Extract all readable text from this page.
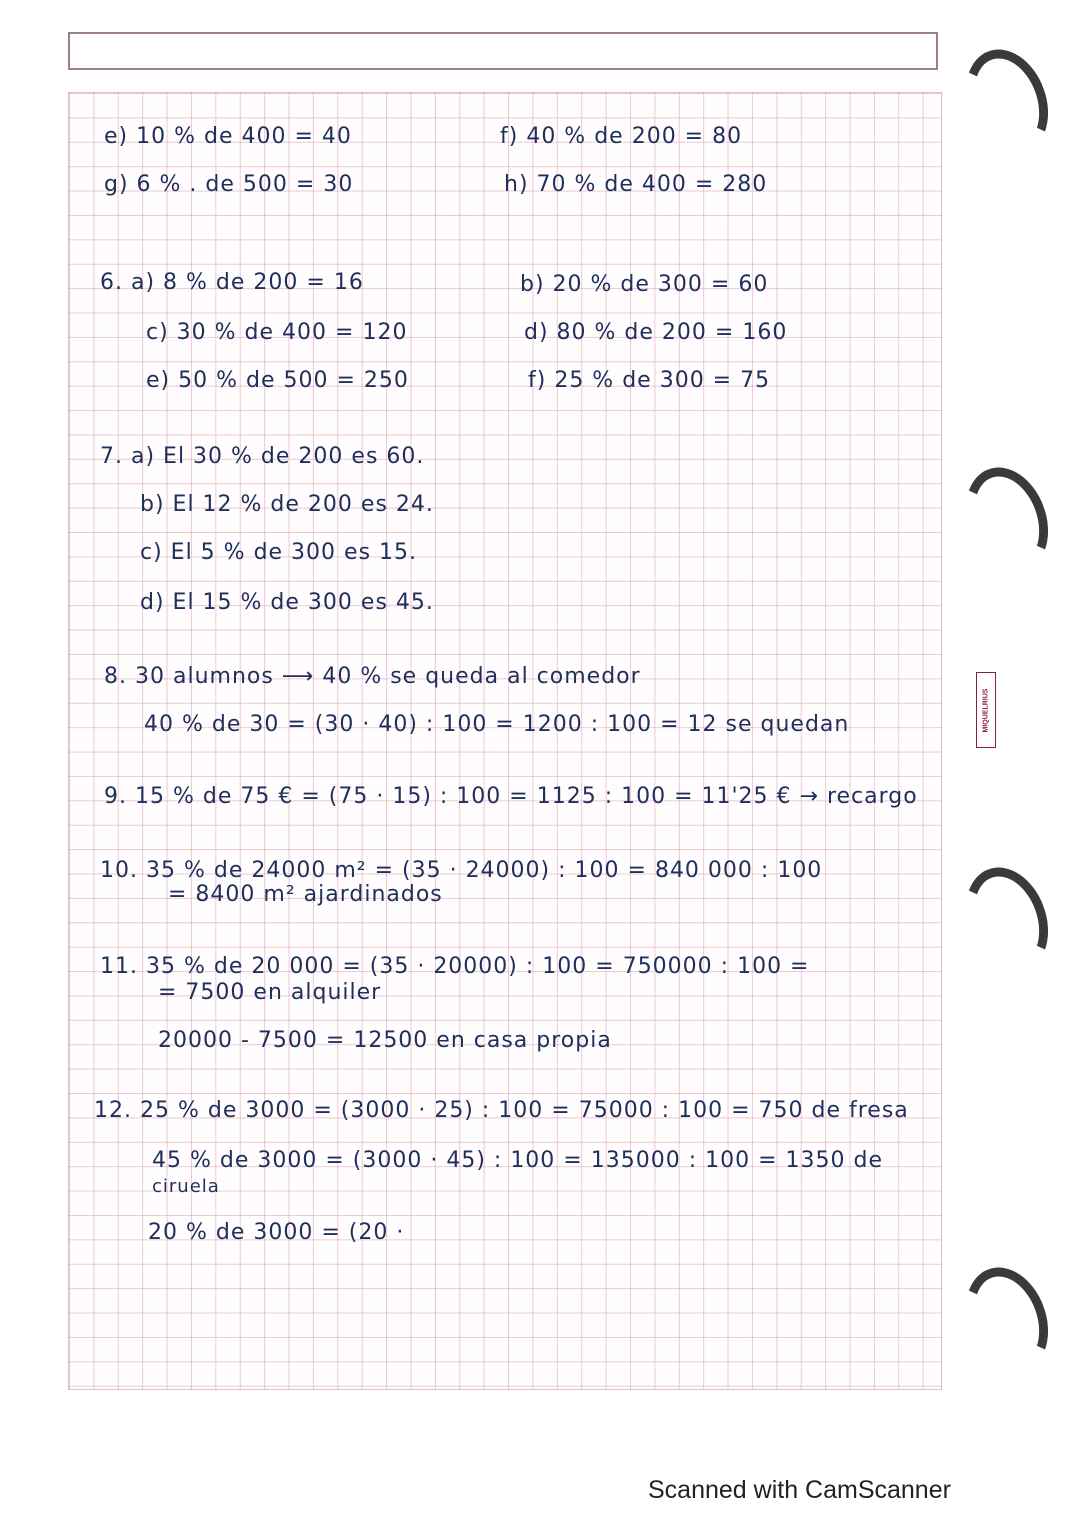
e) 10 % de 400 = 40	f) 40 % de 200 = 80
g) 6 % . de 500 = 30	h) 70 % de 400 = 280
6. a) 8 % de 200 = 16	b) 20 % de 300 = 60
c) 30 % de 400 = 120	d) 80 % de 200 = 160
e) 50 % de 500 = 250	f) 25 % de 300 = 75
7. a) El 30 % de 200 es 60.
b) El 12 % de 200 es 24.
c) El 5 % de 300 es 15.
d) El 15 % de 300 es 45.
8. 30 alumnos ⟶ 40 % se queda al comedor
40 % de 30 = (30 · 40) : 100 = 1200 : 100 = 12 se quedan
9. 15 % de 75 € = (75 · 15) : 100 = 1125 : 100 = 11'25 € → recargo
10. 35 % de 24000 m² = (35 · 24000) : 100 = 840 000 : 100
= 8400 m² ajardinados
11. 35 % de 20 000 = (35 · 20000) : 100 = 750000 : 100 =
= 7500 en alquiler
20000 - 7500 = 12500 en casa propia
12. 25 % de 3000 = (3000 · 25) : 100 = 75000 : 100 = 750 de fresa
45 % de 3000 = (3000 · 45) : 100 = 135000 : 100 = 1350 de
ciruela
20 % de 3000 = (20 ·
MIQUELRIUS
Scanned with CamScanner
